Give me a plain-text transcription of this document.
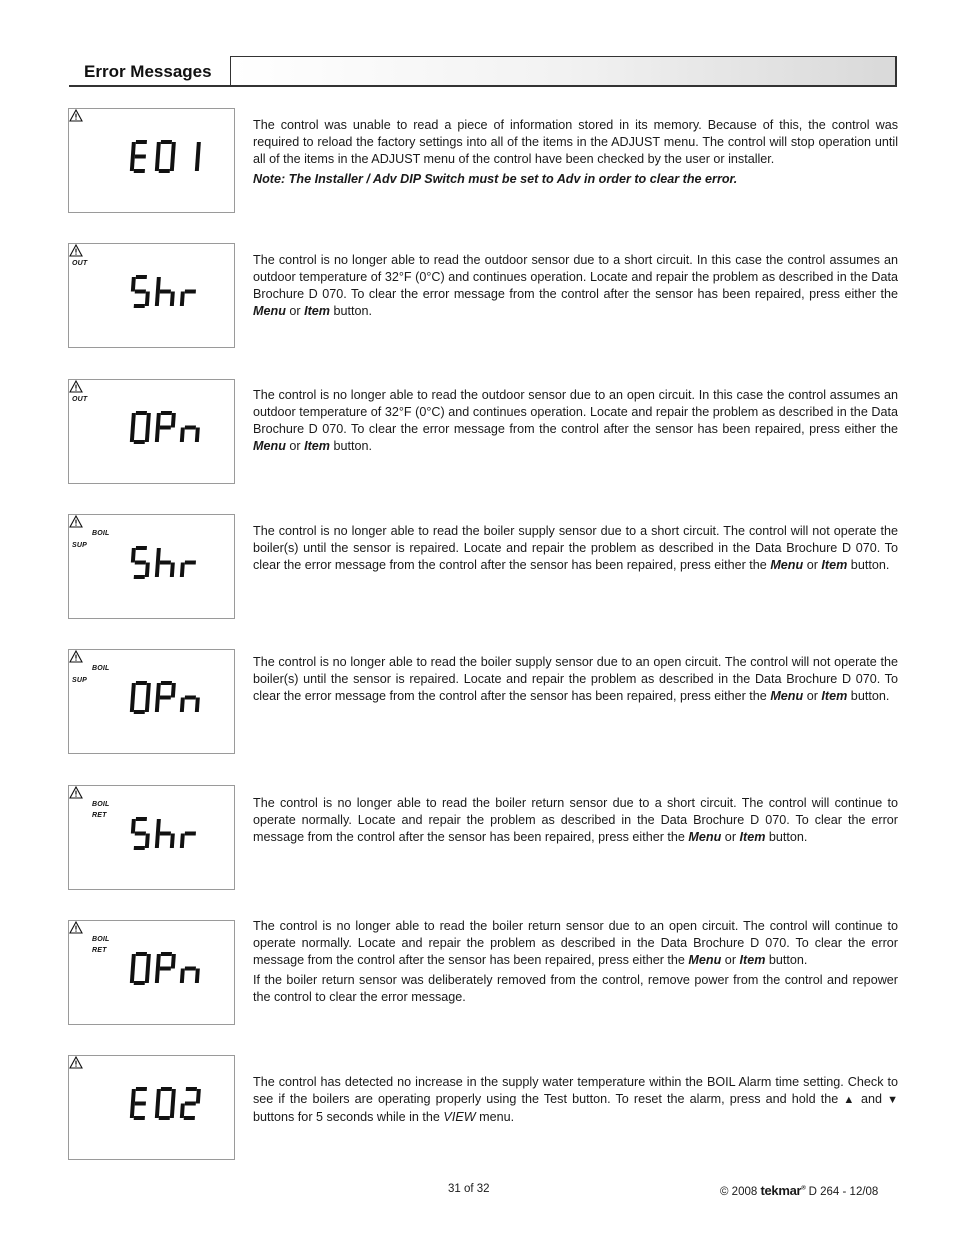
Error Messages

The control was unable to read a piece of information stored in its memory. Because of this, the control was required to reload the factory settings into all of the items in the ADJUST menu. The control will stop operation until all of the items in the ADJUST menu of the control have been checked by the user or installer.

Note: The Installer / Adv DIP Switch must be set to Adv in order to clear the error.

OUT	The control is no longer able to read the outdoor sensor due to a short circuit. In this case the control assumes an outdoor temperature of 32°F (0°C) and continues operation. Locate and repair the problem as described in the Data Brochure D 070. To clear the error message from the control after the sensor has been repaired, press either the Menu or Item button.

OUT	The control is no longer able to read the outdoor sensor due to an open circuit. In this case the control assumes an outdoor temperature of 32°F (0°C) and continues operation. Locate and repair the problem as described in the Data Brochure D 070. To clear the error message from the control after the sensor has been repaired, press either the Menu or Item button.

BOIL
SUP

The control is no longer able to read the boiler supply sensor due to a short circuit. The control will not operate the boiler(s) until the sensor is repaired. Locate and repair the problem as described in the Data Brochure D 070. To clear the error message from the control after the sensor has been repaired, press either the Menu or Item button.

BOIL
SUP

The control is no longer able to read the boiler supply sensor due to an open circuit. The control will not operate the boiler(s) until the sensor is repaired. Locate and repair the problem as described in the Data Brochure D 070. To clear the error message from the control after the sensor has been repaired, press either the Menu or Item button.

BOIL
RET

The control is no longer able to read the boiler return sensor due to a short circuit. The control will continue to operate normally. Locate and repair the problem as described in the Data Brochure D 070. To clear the error message from the control after the sensor has been repaired, press either the Menu or Item button.

BOIL
RET

The control is no longer able to read the boiler return sensor due to an open circuit. The control will continue to operate normally. Locate and repair the problem as described in the Data Brochure D 070. To clear the error message from the control after the sensor has been repaired, press either the Menu or Item button.

If the boiler return sensor was deliberately removed from the control, remove power from the control and repower the control to clear the error message.

The control has detected no increase in the supply water temperature within the BOIL Alarm time setting. Check to see if the boilers are operating properly using the Test button. To reset the alarm, press and hold the ▲ and ▼ buttons for 5 seconds while in the VIEW menu.

31 of 32	© 2008 tekmar® D 264 - 12/08
